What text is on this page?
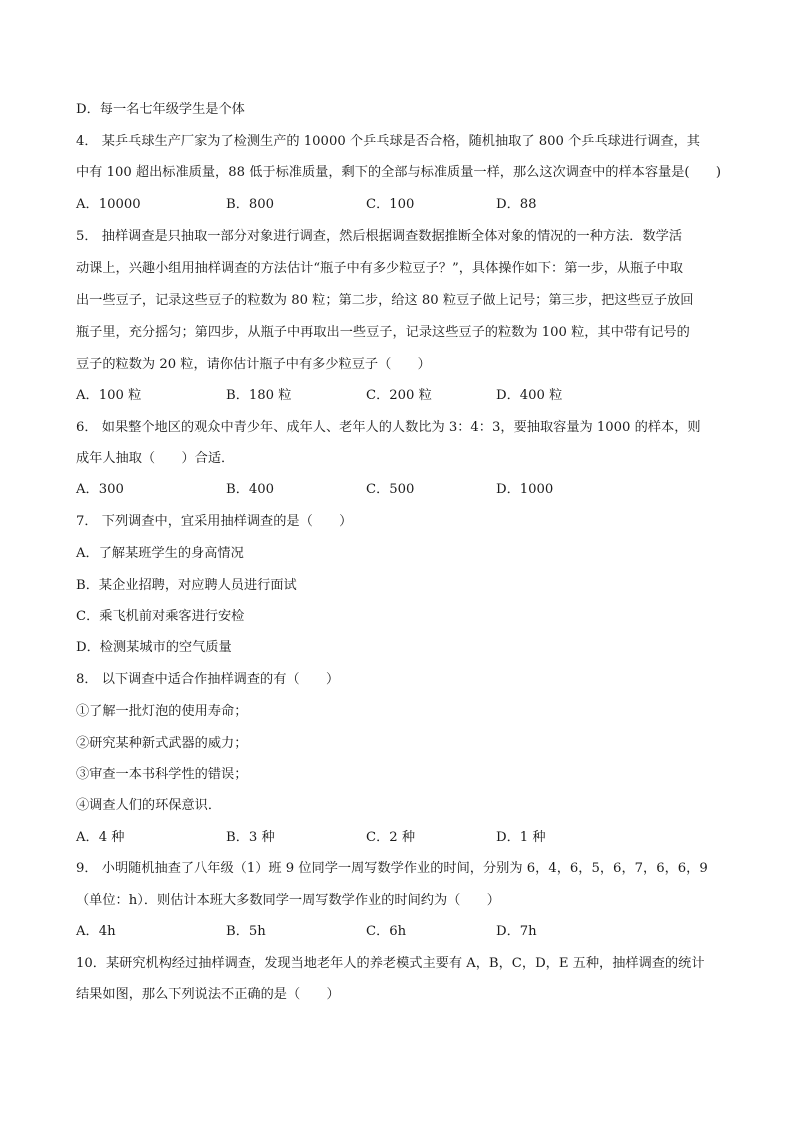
D．每一名七年级学生是个体
4． 某乒乓球生产厂家为了检测生产的 10000 个乒乓球是否合格，随机抽取了 800 个乒乓球进行调查，其
中有 100 超出标准质量，88 低于标准质量，剩下的全部与标准质量一样，那么这次调查中的样本容量是(　　)
A．10000	B．800	C．100	D．88
5． 抽样调查是只抽取一部分对象进行调查，然后根据调查数据推断全体对象的情况的一种方法．数学活
动课上，兴趣小组用抽样调查的方法估计“瓶子中有多少粒豆子？”，具体操作如下：第一步，从瓶子中取
出一些豆子，记录这些豆子的粒数为 80 粒；第二步，给这 80 粒豆子做上记号；第三步，把这些豆子放回
瓶子里，充分摇匀；第四步，从瓶子中再取出一些豆子，记录这些豆子的粒数为 100 粒，其中带有记号的
豆子的粒数为 20 粒，请你估计瓶子中有多少粒豆子（　　）
A．100 粒	B．180 粒	C．200 粒	D．400 粒
6． 如果整个地区的观众中青少年、成年人、老年人的人数比为 3：4：3，要抽取容量为 1000 的样本，则
成年人抽取（　　）合适．
A．300	B．400	C．500	D．1000
7． 下列调查中，宜采用抽样调查的是（　　）
A．了解某班学生的身高情况
B．某企业招聘，对应聘人员进行面试
C．乘飞机前对乘客进行安检
D．检测某城市的空气质量
8． 以下调查中适合作抽样调查的有（　　）
①了解一批灯泡的使用寿命；
②研究某种新式武器的威力；
③审查一本书科学性的错误；
④调查人们的环保意识．
A．4 种	B．3 种	C．2 种	D．1 种
9． 小明随机抽查了八年级（1）班 9 位同学一周写数学作业的时间，分别为 6，4，6，5，6，7，6，6，9
（单位：h）．则估计本班大多数同学一周写数学作业的时间约为（　　）
A．4h	B．5h	C．6h	D．7h
10．某研究机构经过抽样调查，发现当地老年人的养老模式主要有 A，B，C，D，E 五种，抽样调查的统计
结果如图，那么下列说法不正确的是（　　）
